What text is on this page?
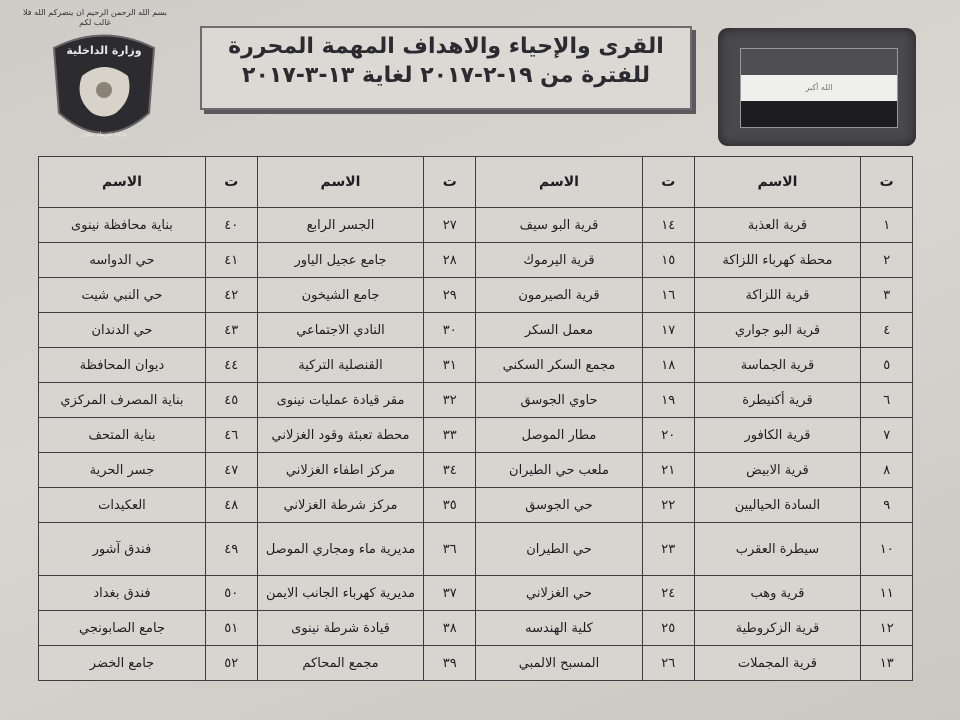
بسم الله الرحمن الرحيم ان ينصركم الله فلا غالب لكم
وزارة الداخلية
قيادة شرطة نينوى
القرى والإحياء والاهداف المهمة المحررة
للفترة من ١٩-٢-٢٠١٧ لغاية ١٣-٣-٢٠١٧	الله أكبر
ت	الاسم	ت	الاسم	ت	الاسم	ت	الاسم
١	قرية العذبة	١٤	قرية البو سيف	٢٧	الجسر الرابع	٤٠	بناية محافظة نينوى
٢	محطة كهرباء اللزاكة	١٥	قرية اليرموك	٢٨	جامع عجيل الياور	٤١	حي الدواسه
٣	قرية اللزاكة	١٦	قرية الصيرمون	٢٩	جامع الشيخون	٤٢	حي النبي شيت
٤	قرية البو جواري	١٧	معمل السكر	٣٠	النادي الاجتماعي	٤٣	حي الدندان
٥	قرية الجماسة	١٨	مجمع السكر السكني	٣١	القنصلية التركية	٤٤	ديوان المحافظة
٦	قرية أكنيطرة	١٩	حاوي الجوسق	٣٢	مقر قيادة عمليات نينوى	٤٥	بناية المصرف المركزي
٧	قرية الكافور	٢٠	مطار الموصل	٣٣	محطة تعبئة وقود الغزلاني	٤٦	بناية المتحف
٨	قرية الابيض	٢١	ملعب حي الطيران	٣٤	مركز اطفاء الغزلاني	٤٧	جسر الحرية
٩	السادة الحياليين	٢٢	حي الجوسق	٣٥	مركز شرطة الغزلاني	٤٨	العكيدات
١٠	سيطرة العقرب	٢٣	حي الطيران	٣٦	مديرية ماء ومجاري الموصل	٤٩	فندق آشور
١١	قرية وهب	٢٤	حي الغزلاني	٣٧	مديرية كهرباء الجانب الايمن	٥٠	فندق بغداد
١٢	قرية الزكروطية	٢٥	كلية الهندسه	٣٨	قيادة شرطة نينوى	٥١	جامع الصابونجي
١٣	قرية المجملات	٢٦	المسبح الالمبي	٣٩	مجمع المحاكم	٥٢	جامع الخضر
